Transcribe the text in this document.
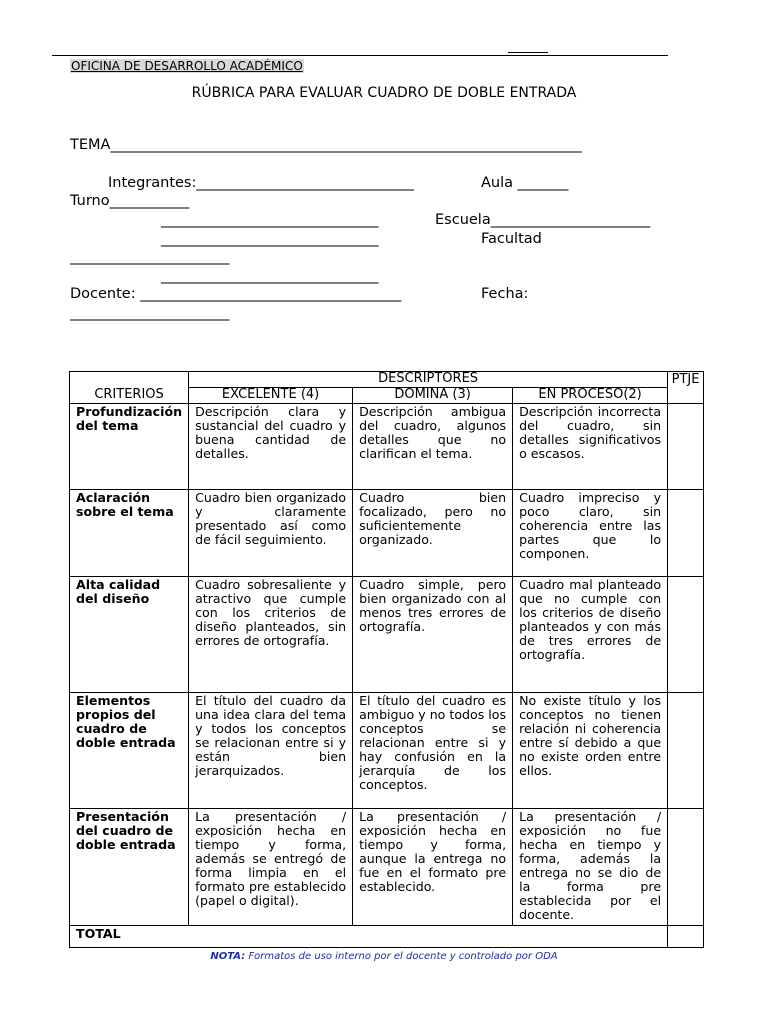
OFICINA DE DESARROLLO ACADÉMICO
RÚBRICA PARA EVALUAR CUADRO DE DOBLE ENTRADA
TEMA_________________________________________________________________
Integrantes:______________________________	Aula _______
Turno___________
______________________________	Escuela______________________
______________________________	Facultad
______________________
______________________________
Docente: ____________________________________	Fecha:
______________________
	DESCRIPTORES			PTJE
CRITERIOS	EXCELENTE (4)	DOMINA (3)	EN PROCESO(2)	
Profundización del tema	Descripción clara y sustancial del cuadro y buena cantidad de detalles.	Descripción ambigua del cuadro, algunos detalles que no clarifican el tema.	Descripción incorrecta del cuadro, sin detalles significativos o escasos.	
Aclaración sobre el tema	Cuadro bien organizado y claramente presentado así como de fácil seguimiento.	Cuadro bien focalizado, pero no suficientemente organizado.	Cuadro impreciso y poco claro, sin coherencia entre las partes que lo componen.	
Alta calidad del diseño	Cuadro sobresaliente y atractivo que cumple con los criterios de diseño planteados, sin errores de ortografía.	Cuadro simple, pero bien organizado con al menos tres errores de ortografía.	Cuadro mal planteado que no cumple con los criterios de diseño planteados y con más de tres errores de ortografía.	
Elementos propios del cuadro de doble entrada	El título del cuadro da una idea clara del tema y todos los conceptos se relacionan entre si y están bien jerarquizados.	El título del cuadro es ambiguo y no todos los conceptos se relacionan entre si y hay confusión en la jerarquía de los conceptos.	No existe título y los conceptos no tienen relación ni coherencia entre sí debido a que no existe orden entre ellos.	
Presentación del cuadro de doble entrada	La presentación / exposición hecha en tiempo y forma, además se entregó de forma limpia en el formato pre establecido (papel o digital).	La presentación / exposición hecha en tiempo y forma, aunque la entrega no fue en el formato pre establecido.	La presentación / exposición no fue hecha en tiempo y forma, además la entrega no se dio de la forma pre establecida por el docente.	
TOTAL				
NOTA: Formatos de uso interno por el docente y controlado por ODA
